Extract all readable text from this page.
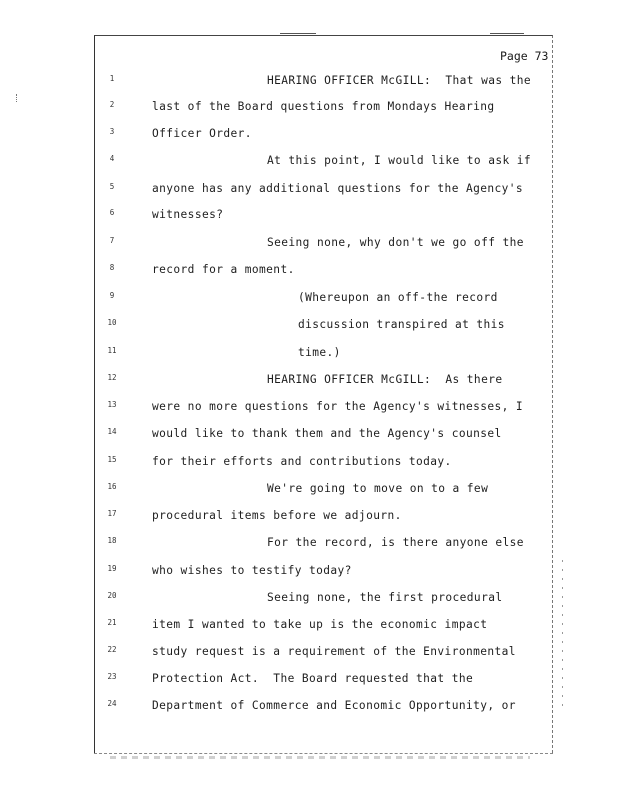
Page 73
1
2
3
4
5
6
7
8
9
10
11
12
13
14
15
16
17
18
19
20
21
22
23
24
HEARING OFFICER McGILL:  That was the
last of the Board questions from Mondays Hearing
Officer Order.
At this point, I would like to ask if
anyone has any additional questions for the Agency's
witnesses?
Seeing none, why don't we go off the
record for a moment.
(Whereupon an off-the record
discussion transpired at this
time.)
HEARING OFFICER McGILL:  As there
were no more questions for the Agency's witnesses, I
would like to thank them and the Agency's counsel
for their efforts and contributions today.
We're going to move on to a few
procedural items before we adjourn.
For the record, is there anyone else
who wishes to testify today?
Seeing none, the first procedural
item I wanted to take up is the economic impact
study request is a requirement of the Environmental
Protection Act.  The Board requested that the
Department of Commerce and Economic Opportunity, or
